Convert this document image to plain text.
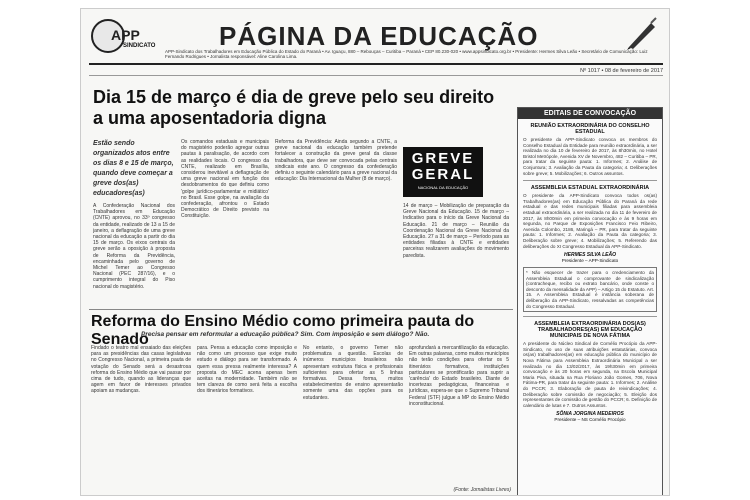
APP
SINDICATO PÁGINA DA EDUCAÇÃO
APP-Sindicato dos Trabalhadores em Educação Pública do Estado do Paraná • Av. Iguaçu, 880 – Rebouças – Curitiba – Paraná • CEP 80.230-020 • www.appsindicato.org.br • Presidente: Hermes Silva Leão • Secretário de Comunicação: Luiz Fernando Rodrigues • Jornalista responsável: Aline Carolina Lima.
Nº 1017 • 08 de fevereiro de 2017
Dia 15 de março é dia de greve pelo seu direito a uma aposentadoria digna
Estão sendo organizados atos entre os dias 8 e 15 de março, quando deve começar a greve dos(as) educadores(as)
A Confederação Nacional dos Trabalhadores em Educação (CNTE) aprovou, no 33º congresso da entidade, realizado de 13 a 15 de janeiro, a deflagração de uma greve nacional da educação a partir do dia 15 de março. Os eixos centrais da greve serão a oposição à proposta de Reforma da Previdência, encaminhada pelo governo de Michel Temer ao Congresso Nacional (PEC 287/16), e o cumprimento integral do Piso nacional do magistério.
Os comandos estaduais e municipais do magistério poderão agregar outras pautas à paralisação, de acordo com as realidades locais. O congresso da CNTE, realizado em Brasília, considerou inevitável a deflagração de uma greve nacional em função dos desdobramentos do que definiu como 'golpe jurídico-parlamentar e midiático' no Brasil. Esse golpe, na avaliação da confederação, afrontou o Estado Democrático de Direito previsto na Constituição.
Reforma da Previdência: Ainda segundo a CNTE, a greve nacional da educação também pretende fortalecer a construção da greve geral da classe trabalhadora, que deve ser convocada pelas centrais sindicais este ano. O congresso da confederação definiu o seguinte calendário para a greve nacional da educação: Dia Internacional da Mulher (8 de março).
GREVE
GERAL
NACIONAL DA EDUCAÇÃO
14 de março – Mobilização de preparação da Greve Nacional da Educação. 15 de março – Indicativo para o início da Greve Nacional da Educação. 21 de março – Reunião da Coordenação Nacional da Greve Nacional da Educação. 27 a 31 de março – Período para as entidades filiadas à CNTE e entidades parceiras realizarem avaliações do movimento paredista.
Reforma do Ensino Médio como primeira pauta do Senado
Precisa pensar em reformular a educação pública? Sim. Com imposição e sem diálogo? Não.
Findado o teatro mal ensaiado das eleições para as presidências das casas legislativas no Congresso Nacional, a primeira pauta de votação do Senado será a desastrosa reforma do Ensino Médio que vai passar por cima de tudo, quando as lideranças que agem em favor de interesses privados apoiam as mudanças.
para. Pensa a educação como imposição e não como um processo que exige muito estudo e diálogo para ser transformado. A quem essa pressa realmente interessa? A proposta do MEC acena apenas bem aceitas na modernidade. Também não se tem clareza de como será feita a escolha dos itinerários formativos.
No entanto, o governo Temer não problematiza a questão. Escolas de inúmeros municípios brasileiros não apresentam estrutura física e profissionais suficientes para ofertar as 5 linhas formativas. Dessa forma, muitos estabelecimentos de ensino apresentarão somente uma das opções para os estudantes.
aprofundará a mercantilização da educação. Em outras palavras, como muitos municípios não terão condições para ofertar os 5 itinerários formativos, instituições particulares se prontificarão para suprir a 'carência' do Estado brasileiro. Diante de incertezas pedagógicas, financeiras e jurídicas, espera-se que o Supremo Tribunal Federal (STF) julgue a MP do Ensino Médio inconstitucional.
(Fonte: Jornalistas Livres)
EDITAIS DE CONVOCAÇÃO
REUNIÃO EXTRAORDINÁRIA DO CONSELHO ESTADUAL
O presidente da APP-Sindicato convoca os membros do Conselho Estadual da Entidade para reunião extraordinária, a ser realizada no dia 10 de fevereiro de 2017, às 8h30min, no Hotel Bristol Metrópole, Avenida XV de Novembro, 482 – Curitiba – PR, para tratar da seguinte pauta: 1. Informes; 2. Análise de Conjuntura; 3. Avaliação da Pauta da categoria; 4. Deliberações sobre greve; 5. Mobilizações; 6. Outros assuntos.
ASSEMBLEIA ESTADUAL EXTRAORDINÁRIA
O presidente da APP-Sindicato convoca todos os(as) Trabalhadores(as) em Educação Pública do Paraná da rede estadual e das redes municipais filiadas para assembleia estadual extraordinária, a ser realizada no dia 11 de fevereiro de 2017, às 8h00min em primeira convocação e às 9 horas em segunda, no Parque de Exposições Francisco Feio Ribeiro, Avenida Colombo, 2186, Maringá – PR, para tratar da seguinte pauta: 1. Informes; 2. Avaliação da Pauta da categoria; 3. Deliberação sobre greve; 4. Mobilizações; 5. Referendo das deliberações do XI Congresso Estadual da APP-Sindicato.
HERMES SILVA LEÃO
Presidente – APP-Sindicato
* Não esquecer de trazer para o credenciamento da Assembleia Estadual o comprovante de sindicalização (contracheque, recibo ou extrato bancário, onde conste o desconto da mensalidade da APP) – Artigo 15 do Estatuto. Art. 15. A Assembleia Estadual é instância soberana de deliberação da APP-Sindicato, ressalvadas as competências do Congresso Estadual.
ASSEMBLEIA EXTRAORDINÁRIA DOS(AS) TRABALHADORES(AS) EM EDUCAÇÃO MUNICIPAIS DE NOVA FÁTIMA
A presidente do Núcleo Sindical de Cornélio Procópio da APP-Sindicato, no uso de suas atribuições estatutárias, convoca os(as) trabalhadores(as) em educação pública do município de Nova Fátima para Assembleia Extraordinária Municipal a ser realizada no dia 13/02/2017, às 19h30min em primeira convocação e às 20 horas em segunda, na Escola Municipal Maria Piva, situada na Rua Floriano João Gomes, 706, Nova Fátima-PR, para tratar da seguinte pauta: 1. Informes; 2. Análise do PCCR; 3. Elaboração de pauta de reivindicações; 4. Deliberação sobre comissão de negociação; 5. Eleição dos representantes de comissão de gestão do PCCR; 6. Definição de calendário de lutas e 7. Outros Assuntos.
SÔNIA JORGINA MEDEIROS
Presidente – NS Cornélio Procópio
